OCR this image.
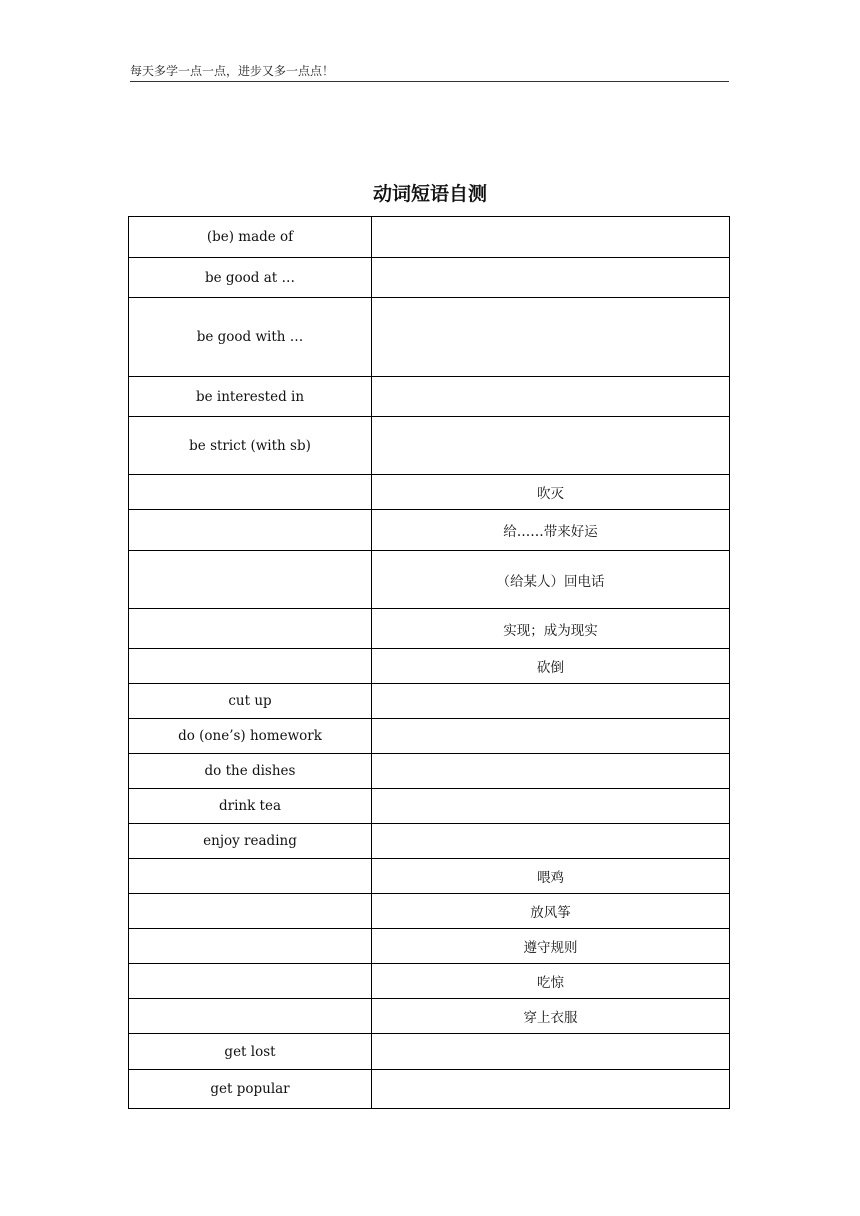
每天多学一点一点，进步又多一点点！
动词短语自测
(be) made of	
be good at …	
be good with …	
be interested in	
be strict (with sb)	
	吹灭
	给……带来好运
	（给某人）回电话
	实现；成为现实
	砍倒
cut up	
do (one’s) homework	
do the dishes	
drink tea	
enjoy reading	
	喂鸡
	放风筝
	遵守规则
	吃惊
	穿上衣服
get lost	
get popular	
